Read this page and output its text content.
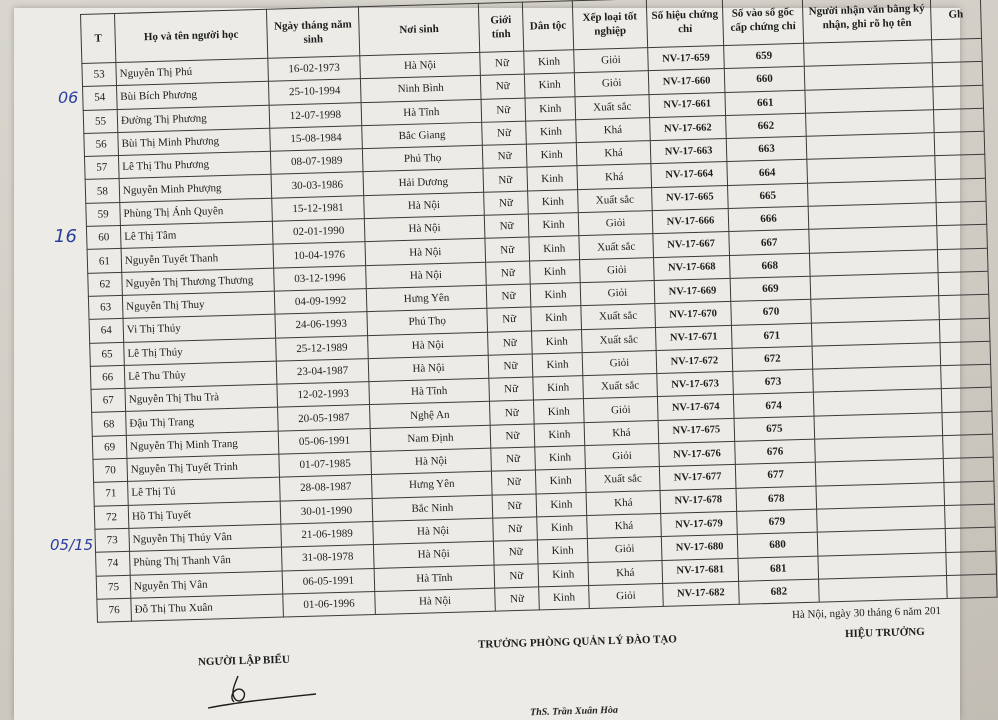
T	Họ và tên người học	Ngày tháng năm sinh	Nơi sinh	Giới tính	Dân tộc	Xếp loại tốt nghiệp	Số hiệu chứng chỉ	Số vào sổ gốc cấp chứng chỉ	Người nhận văn bằng ký nhận, ghi rõ họ tên	Gh
53	Nguyễn Thị Phú	16-02-1973	Hà Nội	Nữ	Kinh	Giỏi	NV-17-659	659		
54	Bùi Bích Phương	25-10-1994	Ninh Bình	Nữ	Kinh	Giỏi	NV-17-660	660		
55	Đường Thị Phương	12-07-1998	Hà Tĩnh	Nữ	Kinh	Xuất sắc	NV-17-661	661		
56	Bùi Thị Minh Phương	15-08-1984	Bắc Giang	Nữ	Kinh	Khá	NV-17-662	662		
57	Lê Thị Thu Phương	08-07-1989	Phú Thọ	Nữ	Kinh	Khá	NV-17-663	663		
58	Nguyễn Minh Phượng	30-03-1986	Hải Dương	Nữ	Kinh	Khá	NV-17-664	664		
59	Phùng Thị Ánh Quyên	15-12-1981	Hà Nội	Nữ	Kinh	Xuất sắc	NV-17-665	665		
60	Lê Thị Tâm	02-01-1990	Hà Nội	Nữ	Kinh	Giỏi	NV-17-666	666		
61	Nguyễn Tuyết Thanh	10-04-1976	Hà Nội	Nữ	Kinh	Xuất sắc	NV-17-667	667		
62	Nguyễn Thị Thương Thương	03-12-1996	Hà Nội	Nữ	Kinh	Giỏi	NV-17-668	668		
63	Nguyễn Thị Thuy	04-09-1992	Hưng Yên	Nữ	Kinh	Giỏi	NV-17-669	669		
64	Vi Thị Thúy	24-06-1993	Phú Thọ	Nữ	Kinh	Xuất sắc	NV-17-670	670		
65	Lê Thị Thúy	25-12-1989	Hà Nội	Nữ	Kinh	Xuất sắc	NV-17-671	671		
66	Lê Thu Thủy	23-04-1987	Hà Nội	Nữ	Kinh	Giỏi	NV-17-672	672		
67	Nguyễn Thị Thu Trà	12-02-1993	Hà Tĩnh	Nữ	Kinh	Xuất sắc	NV-17-673	673		
68	Đậu Thị Trang	20-05-1987	Nghệ An	Nữ	Kinh	Giỏi	NV-17-674	674		
69	Nguyễn Thị Minh Trang	05-06-1991	Nam Định	Nữ	Kinh	Khá	NV-17-675	675		
70	Nguyễn Thị Tuyết Trinh	01-07-1985	Hà Nội	Nữ	Kinh	Giỏi	NV-17-676	676		
71	Lê Thị Tú	28-08-1987	Hưng Yên	Nữ	Kinh	Xuất sắc	NV-17-677	677		
72	Hồ Thị Tuyết	30-01-1990	Bắc Ninh	Nữ	Kinh	Khá	NV-17-678	678		
73	Nguyễn Thị Thúy Vân	21-06-1989	Hà Nội	Nữ	Kinh	Khá	NV-17-679	679		
74	Phùng Thị Thanh Vân	31-08-1978	Hà Nội	Nữ	Kinh	Giỏi	NV-17-680	680		
75	Nguyễn Thị Vân	06-05-1991	Hà Tĩnh	Nữ	Kinh	Khá	NV-17-681	681		
76	Đỗ Thị Thu Xuân	01-06-1996	Hà Nội	Nữ	Kinh	Giỏi	NV-17-682	682		
Hà Nội, ngày 30 tháng 6 năm 201
HIỆU TRƯỞNG
TRƯỞNG PHÒNG QUẢN LÝ ĐÀO TẠO
NGƯỜI LẬP BIỂU
ThS. Trần Xuân Hòa
06
16
05/15
